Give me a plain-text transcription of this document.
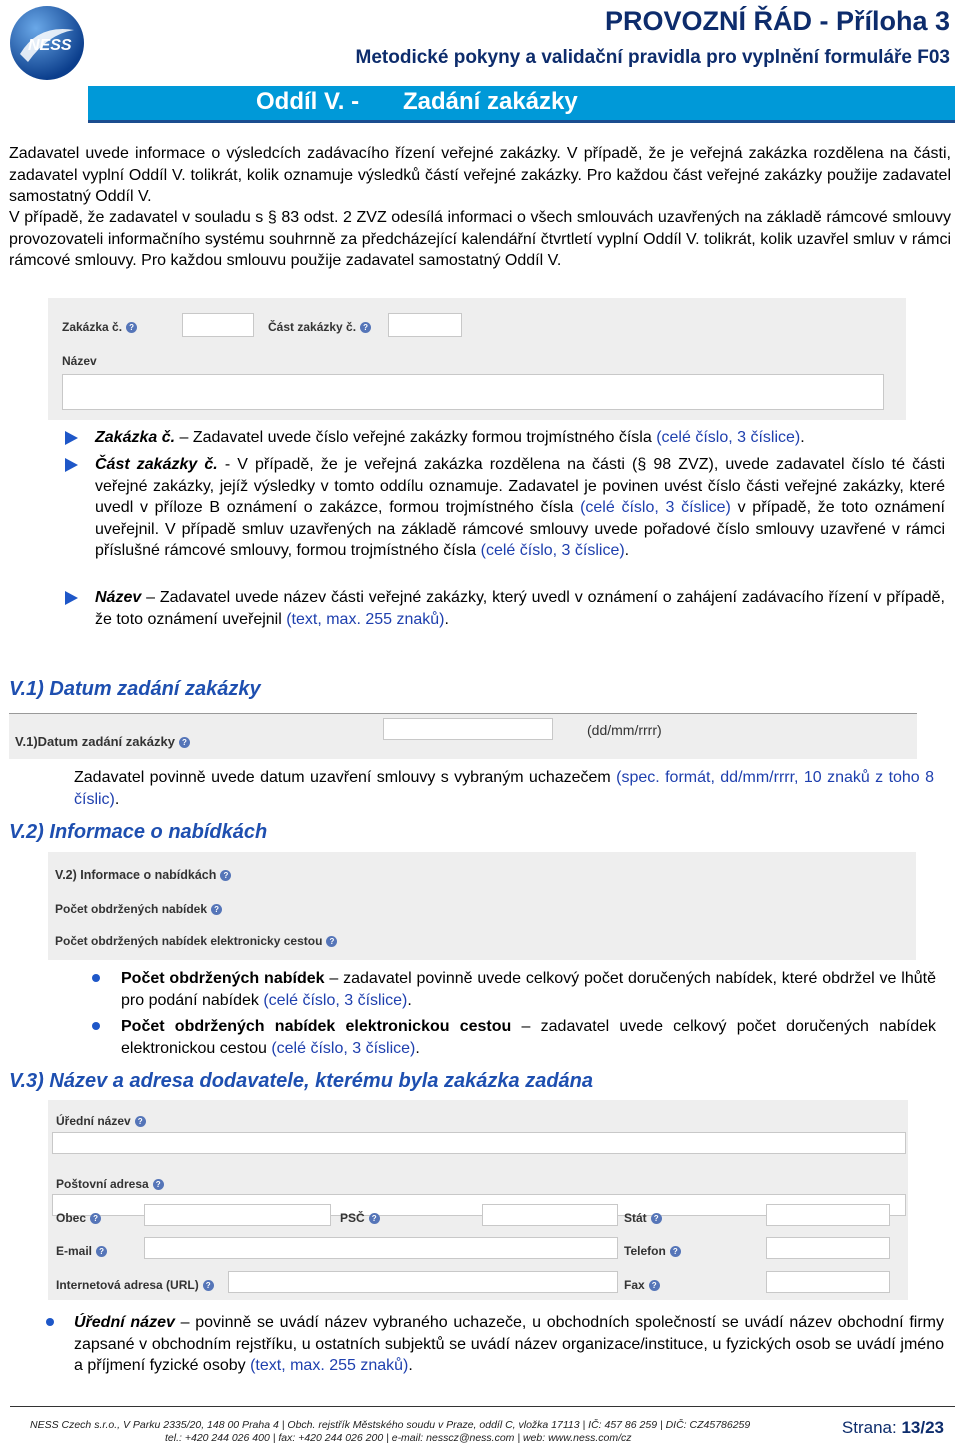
NESS
PROVOZNÍ ŘÁD - Příloha 3
Metodické pokyny a validační pravidla pro vyplnění formuláře F03
Oddíl V. - Zadání zakázky

Zadavatel uvede informace o výsledcích zadávacího řízení veřejné zakázky. V případě, že je veřejná zakázka rozdělena na části, zadavatel vyplní Oddíl V. tolikrát, kolik oznamuje výsledků částí veřejné zakázky. Pro každou část veřejné zakázky použije zadavatel samostatný Oddíl V.

V případě, že zadavatel v souladu s § 83 odst. 2 ZVZ odesílá informaci o všech smlouvách uzavřených na základě rámcové smlouvy provozovateli informačního systému souhrnně za předcházející kalendářní čtvrtletí vyplní Oddíl V. tolikrát, kolik uzavřel smluv v rámci rámcové smlouvy. Pro každou smlouvu použije zadavatel samostatný Oddíl V.

Zakázka č. ?	Část zakázky č. ?
Název

Zakázka č. – Zadavatel uvede číslo veřejné zakázky formou trojmístného čísla (celé číslo, 3 číslice).

Část zakázky č. - V případě, že je veřejná zakázka rozdělena na části (§ 98 ZVZ), uvede zadavatel číslo té části veřejné zakázky, jejíž výsledky v tomto oddílu oznamuje. Zadavatel je povinen uvést číslo části veřejné zakázky, které uvedl v příloze B oznámení o zakázce, formou trojmístného čísla (celé číslo, 3 číslice) v případě, že toto oznámení uveřejnil. V případě smluv uzavřených na základě rámcové smlouvy uvede pořadové číslo smlouvy uzavřené v rámci příslušné rámcové smlouvy, formou trojmístného čísla (celé číslo, 3 číslice).

Název – Zadavatel uvede název části veřejné zakázky, který uvedl v oznámení o zahájení zadávacího řízení v případě, že toto oznámení uveřejnil (text, max. 255 znaků).

V.1) Datum zadání zakázky
V.1)Datum zadání zakázky ?
(dd/mm/rrrr)

Zadavatel povinně uvede datum uzavření smlouvy s vybraným uchazečem (spec. formát, dd/mm/rrrr, 10 znaků z toho 8 číslic).

V.2) Informace o nabídkách
V.2) Informace o nabídkách ?
Počet obdržených nabídek ?
Počet obdržených nabídek elektronicky cestou ?

Počet obdržených nabídek – zadavatel povinně uvede celkový počet doručených nabídek, které obdržel ve lhůtě pro podání nabídek (celé číslo, 3 číslice).

Počet obdržených nabídek elektronickou cestou – zadavatel uvede celkový počet doručených nabídek elektronickou cestou (celé číslo, 3 číslice).

V.3) Název a adresa dodavatele, kterému byla zakázka zadána
Úřední název ?
Poštovní adresa ?
Obec ?	PSČ ?	Stát ?
E-mail ?	Telefon ?
Internetová adresa (URL) ?	Fax ?

Úřední název – povinně se uvádí název vybraného uchazeče, u obchodních společností se uvádí název obchodní firmy zapsané v obchodním rejstříku, u ostatních subjektů se uvádí název organizace/instituce, u fyzických osob se uvádí jméno a příjmení fyzické osoby (text, max. 255 znaků).

NESS Czech s.r.o., V Parku 2335/20, 148 00 Praha 4 | Obch. rejstřík Městského soudu v Praze, oddíl C, vložka 17113 | IČ: 457 86 259 | DIČ: CZ45786259
tel.: +420 244 026 400 | fax: +420 244 026 200 | e-mail: nesscz@ness.com | web: www.ness.com/cz
Strana: 13/23
